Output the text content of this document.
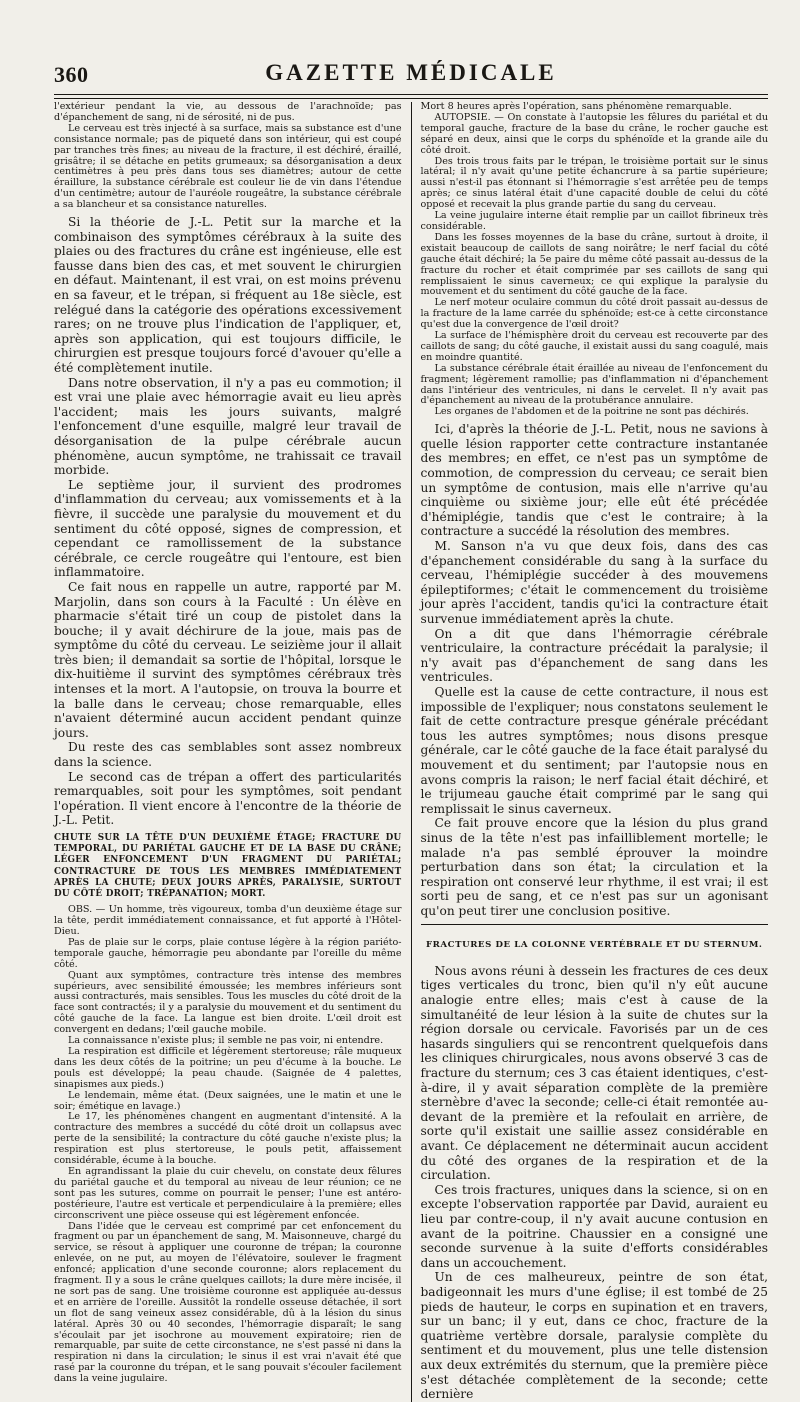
360	GAZETTE MÉDICALE

l'extérieur pendant la vie, au dessous de l'arachnoïde; pas d'épanchement de sang, ni de sérosité, ni de pus.

Le cerveau est très injecté à sa surface, mais sa substance est d'une consistance normale; pas de piqueté dans son intérieur, qui est coupé par tranches très fines; au niveau de la fracture, il est déchiré, éraillé, grisâtre; il se détache en petits grumeaux; sa désorganisation a deux centimètres à peu près dans tous ses diamètres; autour de cette éraillure, la substance cérébrale est couleur lie de vin dans l'étendue d'un centimètre; autour de l'auréole rougeâtre, la substance cérébrale a sa blancheur et sa consistance naturelles.

Si la théorie de J.-L. Petit sur la marche et la combinaison des symptômes cérébraux à la suite des plaies ou des fractures du crâne est ingénieuse, elle est fausse dans bien des cas, et met souvent le chirurgien en défaut. Maintenant, il est vrai, on est moins prévenu en sa faveur, et le trépan, si fréquent au 18e siècle, est relégué dans la catégorie des opérations excessivement rares; on ne trouve plus l'indication de l'appliquer, et, après son application, qui est toujours difficile, le chirurgien est presque toujours forcé d'avouer qu'elle a été complètement inutile.

Dans notre observation, il n'y a pas eu commotion; il est vrai une plaie avec hémorragie avait eu lieu après l'accident; mais les jours suivants, malgré l'enfoncement d'une esquille, malgré leur travail de désorganisation de la pulpe cérébrale aucun phénomène, aucun symptôme, ne trahissait ce travail morbide.

Le septième jour, il survient des prodromes d'inflammation du cerveau; aux vomissements et à la fièvre, il succède une paralysie du mouvement et du sentiment du côté opposé, signes de compression, et cependant ce ramollissement de la substance cérébrale, ce cercle rougeâtre qui l'entoure, est bien inflammatoire.

Ce fait nous en rappelle un autre, rapporté par M. Marjolin, dans son cours à la Faculté : Un élève en pharmacie s'était tiré un coup de pistolet dans la bouche; il y avait déchirure de la joue, mais pas de symptôme du côté du cerveau. Le seizième jour il allait très bien; il demandait sa sortie de l'hôpital, lorsque le dix-huitième il survint des symptômes cérébraux très intenses et la mort. A l'autopsie, on trouva la bourre et la balle dans le cerveau; chose remarquable, elles n'avaient déterminé aucun accident pendant quinze jours.

Du reste des cas semblables sont assez nombreux dans la science.

Le second cas de trépan a offert des particularités remarquables, soit pour les symptômes, soit pendant l'opération. Il vient encore à l'encontre de la théorie de J.-L. Petit.

CHUTE SUR LA TÊTE D'UN DEUXIÈME ÉTAGE; FRACTURE DU TEMPORAL, DU PARIÉTAL GAUCHE ET DE LA BASE DU CRÂNE; LÉGER ENFONCEMENT D'UN FRAGMENT DU PARIÉTAL; CONTRACTURE DE TOUS LES MEMBRES IMMÉDIATEMENT APRÈS LA CHUTE; DEUX JOURS APRÈS, PARALYSIE, SURTOUT DU CÔTÉ DROIT; TRÉPANATION; MORT.

OBS. — Un homme, très vigoureux, tomba d'un deuxième étage sur la tête, perdit immédiatement connaissance, et fut apporté à l'Hôtel-Dieu.

Pas de plaie sur le corps, plaie contuse légère à la région pariéto-temporale gauche, hémorragie peu abondante par l'oreille du même côté.

Quant aux symptômes, contracture très intense des membres supérieurs, avec sensibilité émoussée; les membres inférieurs sont aussi contracturés, mais sensibles. Tous les muscles du côté droit de la face sont contractés; il y a paralysie du mouvement et du sentiment du côté gauche de la face. La langue est bien droite. L'œil droit est convergent en dedans; l'œil gauche mobile.

La connaissance n'existe plus; il semble ne pas voir, ni entendre.

La respiration est difficile et légèrement stertoreuse; râle muqueux dans les deux côtés de la poitrine; un peu d'écume à la bouche. Le pouls est développé; la peau chaude. (Saignée de 4 palettes, sinapismes aux pieds.)

Le lendemain, même état. (Deux saignées, une le matin et une le soir; émétique en lavage.)

Le 17, les phénomènes changent en augmentant d'intensité. A la contracture des membres a succédé du côté droit un collapsus avec perte de la sensibilité; la contracture du côté gauche n'existe plus; la respiration est plus stertoreuse, le pouls petit, affaissement considérable, écume à la bouche.

En agrandissant la plaie du cuir chevelu, on constate deux fêlures du pariétal gauche et du temporal au niveau de leur réunion; ce ne sont pas les sutures, comme on pourrait le penser; l'une est antéro-postérieure, l'autre est verticale et perpendiculaire à la première; elles circonscrivent une pièce osseuse qui est légèrement enfoncée.

Dans l'idée que le cerveau est comprimé par cet enfoncement du fragment ou par un épanchement de sang, M. Maisonneuve, chargé du service, se résout à appliquer une couronne de trépan; la couronne enlevée, on ne put, au moyen de l'élévatoire, soulever le fragment enfoncé; application d'une seconde couronne; alors replacement du fragment. Il y a sous le crâne quelques caillots; la dure mère incisée, il ne sort pas de sang. Une troisième couronne est appliquée au-dessus et en arrière de l'oreille. Aussitôt la rondelle osseuse détachée, il sort un flot de sang veineux assez considérable, dû à la lésion du sinus latéral. Après 30 ou 40 secondes, l'hémorragie disparaît; le sang s'écoulait par jet isochrone au mouvement expiratoire; rien de remarquable, par suite de cette circonstance, ne s'est passé ni dans la respiration ni dans la circulation; le sinus il est vrai n'avait été que rasé par la couronne du trépan, et le sang pouvait s'écouler facilement dans la veine jugulaire.

Mort 8 heures après l'opération, sans phénomène remarquable.

AUTOPSIE. — On constate à l'autopsie les fêlures du pariétal et du temporal gauche, fracture de la base du crâne, le rocher gauche est séparé en deux, ainsi que le corps du sphénoïde et la grande aile du côté droit.

Des trois trous faits par le trépan, le troisième portait sur le sinus latéral; il n'y avait qu'une petite échancrure à sa partie supérieure; aussi n'est-il pas étonnant si l'hémorragie s'est arrêtée peu de temps après; ce sinus latéral était d'une capacité double de celui du côté opposé et recevait la plus grande partie du sang du cerveau.

La veine jugulaire interne était remplie par un caillot fibrineux très considérable.

Dans les fosses moyennes de la base du crâne, surtout à droite, il existait beaucoup de caillots de sang noirâtre; le nerf facial du côté gauche était déchiré; la 5e paire du même côté passait au-dessus de la fracture du rocher et était comprimée par ses caillots de sang qui remplissaient le sinus caverneux; ce qui explique la paralysie du mouvement et du sentiment du côté gauche de la face.

Le nerf moteur oculaire commun du côté droit passait au-dessus de la fracture de la lame carrée du sphénoïde; est-ce à cette circonstance qu'est due la convergence de l'œil droit?

La surface de l'hémisphère droit du cerveau est recouverte par des caillots de sang; du côté gauche, il existait aussi du sang coagulé, mais en moindre quantité.

La substance cérébrale était éraillée au niveau de l'enfoncement du fragment; légèrement ramollie; pas d'inflammation ni d'épanchement dans l'intérieur des ventricules, ni dans le cervelet. Il n'y avait pas d'épanchement au niveau de la protubérance annulaire.

Les organes de l'abdomen et de la poitrine ne sont pas déchirés.

Ici, d'après la théorie de J.-L. Petit, nous ne savions à quelle lésion rapporter cette contracture instantanée des membres; en effet, ce n'est pas un symptôme de commotion, de compression du cerveau; ce serait bien un symptôme de contusion, mais elle n'arrive qu'au cinquième ou sixième jour; elle eût été précédée d'hémiplégie, tandis que c'est le contraire; à la contracture a succédé la résolution des membres.

M. Sanson n'a vu que deux fois, dans des cas d'épanchement considérable du sang à la surface du cerveau, l'hémiplégie succéder à des mouvemens épileptiformes; c'était le commencement du troisième jour après l'accident, tandis qu'ici la contracture était survenue immédiatement après la chute.

On a dit que dans l'hémorragie cérébrale ventriculaire, la contracture précédait la paralysie; il n'y avait pas d'épanchement de sang dans les ventricules.

Quelle est la cause de cette contracture, il nous est impossible de l'expliquer; nous constatons seulement le fait de cette contracture presque générale précédant tous les autres symptômes; nous disons presque générale, car le côté gauche de la face était paralysé du mouvement et du sentiment; par l'autopsie nous en avons compris la raison; le nerf facial était déchiré, et le trijumeau gauche était comprimé par le sang qui remplissait le sinus caverneux.

Ce fait prouve encore que la lésion du plus grand sinus de la tête n'est pas infailliblement mortelle; le malade n'a pas semblé éprouver la moindre perturbation dans son état; la circulation et la respiration ont conservé leur rhythme, il est vrai; il est sorti peu de sang, et ce n'est pas sur un agonisant qu'on peut tirer une conclusion positive.

FRACTURES DE LA COLONNE VERTÉBRALE ET DU STERNUM.

Nous avons réuni à dessein les fractures de ces deux tiges verticales du tronc, bien qu'il n'y eût aucune analogie entre elles; mais c'est à cause de la simultanéité de leur lésion à la suite de chutes sur la région dorsale ou cervicale. Favorisés par un de ces hasards singuliers qui se rencontrent quelquefois dans les cliniques chirurgicales, nous avons observé 3 cas de fracture du sternum; ces 3 cas étaient identiques, c'est-à-dire, il y avait séparation complète de la première sternèbre d'avec la seconde; celle-ci était remontée au-devant de la première et la refoulait en arrière, de sorte qu'il existait une saillie assez considérable en avant. Ce déplacement ne déterminait aucun accident du côté des organes de la respiration et de la circulation.

Ces trois fractures, uniques dans la science, si on en excepte l'observation rapportée par David, auraient eu lieu par contre-coup, il n'y avait aucune contusion en avant de la poitrine. Chaussier en a consigné une seconde survenue à la suite d'efforts considérables dans un accouchement.

Un de ces malheureux, peintre de son état, badigeonnait les murs d'une église; il est tombé de 25 pieds de hauteur, le corps en supination et en travers, sur un banc; il y eut, dans ce choc, fracture de la quatrième vertèbre dorsale, paralysie complète du sentiment et du mouvement, plus une telle distension aux deux extrémités du sternum, que la première pièce s'est détachée complètement de la seconde; cette dernière
